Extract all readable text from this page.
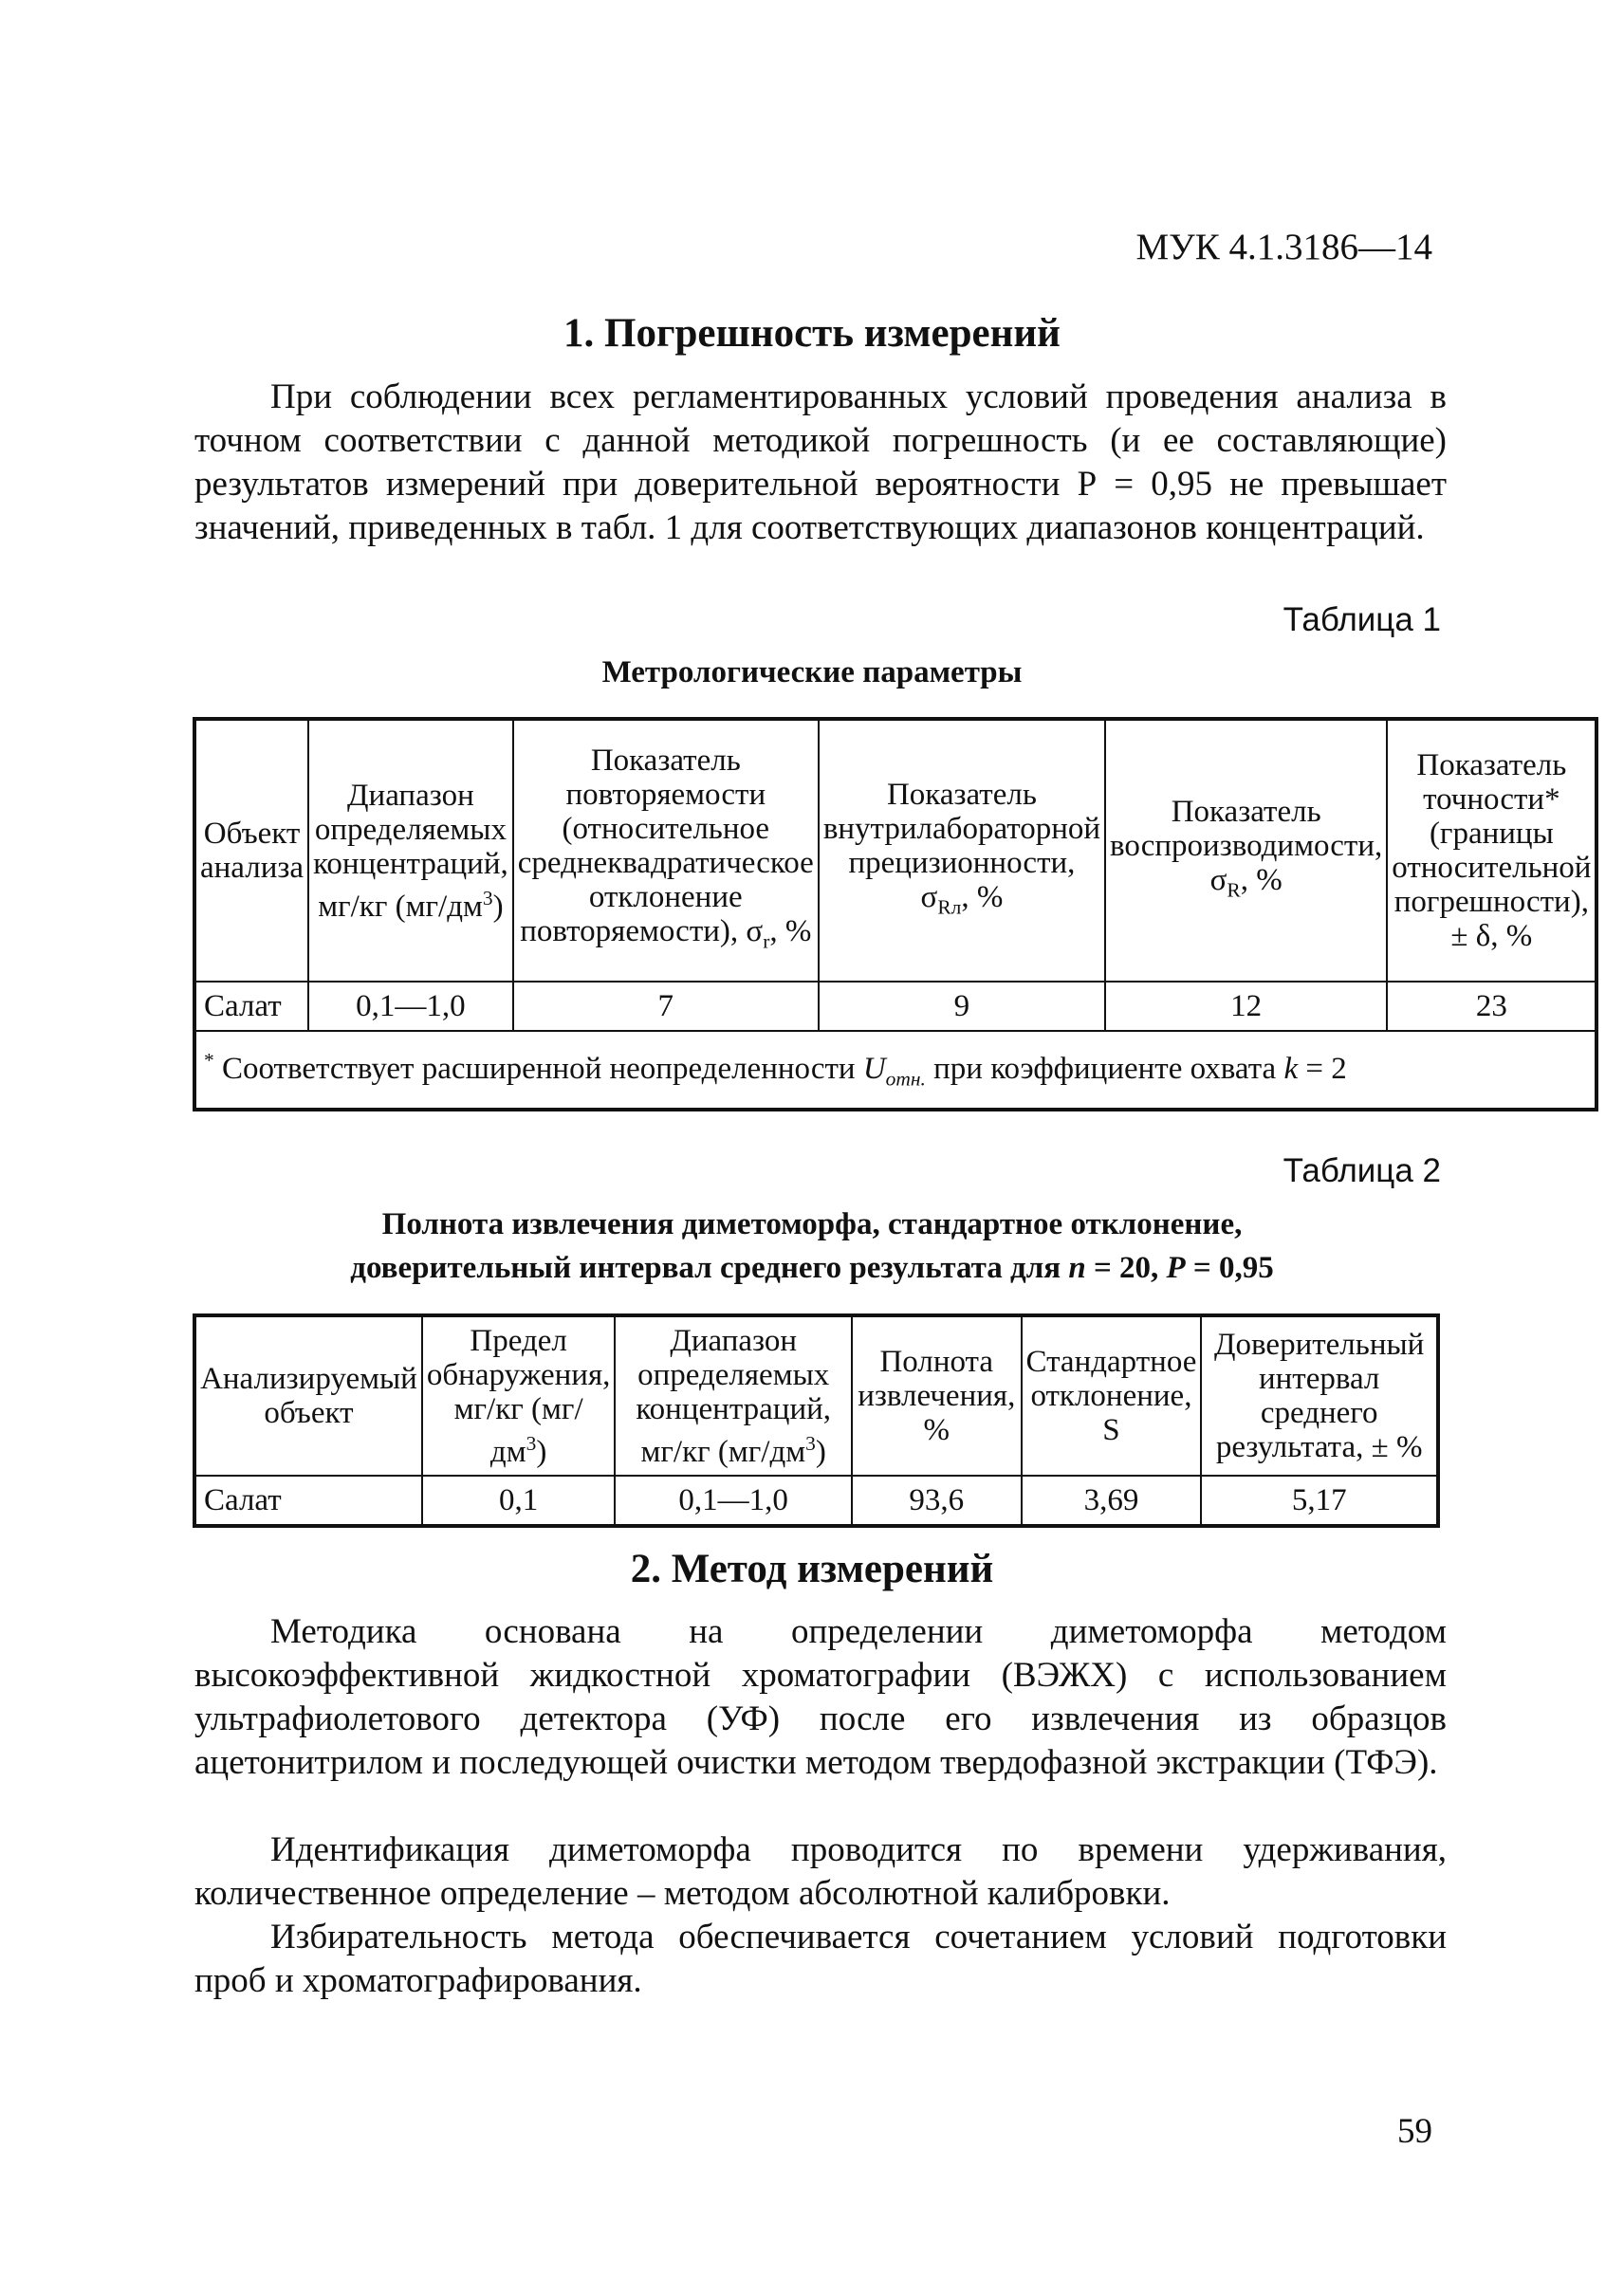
МУК 4.1.3186—14
1. Погрешность измерений

При соблюдении всех регламентированных условий проведения анализа в точном соответствии с данной методикой погрешность (и ее составляющие) результатов измерений при доверительной вероятности Р = 0,95 не превышает значений, приведенных в табл. 1 для соответствующих диапазонов концентраций.

Таблица 1
Метрологические параметры
Объект анализа	Диапазон определяемых концентраций, мг/кг $(мг/дм^3)$	Показатель повторяемости (относительное среднеквадратическое отклонение повторяемости), $\sigma_r$, %	Показатель внутрилабораторной прецизионности, $\sigma_{Rл}$, %	Показатель воспроизводимости, $\sigma_R$, %	Показатель точности* (границы относительной погрешности), ± δ, %
Салат	0,1—1,0	7	9	12	23
* Соответствует расширенной неопределенности $U_{отн.}$ при коэффициенте охвата k = 2					
Таблица 2
Полнота извлечения диметоморфа, стандартное отклонение,
доверительный интервал среднего результата для n = 20, Р = 0,95
Анализируемый объект	Предел обнаружения, мг/кг $(мг/дм^3)$	Диапазон определяемых концентраций, мг/кг $(мг/дм^3)$	Полнота извлечения, %	Стандартное отклонение, S	Доверительный интервал среднего результата, ± %
Салат	0,1	0,1—1,0	93,6	3,69	5,17
2. Метод измерений

Методика основана на определении диметоморфа методом высокоэффективной жидкостной хроматографии (ВЭЖХ) с использованием ультрафиолетового детектора (УФ) после его извлечения из образцов ацетонитрилом и последующей очистки методом твердофазной экстракции (ТФЭ).

Идентификация диметоморфа проводится по времени удерживания, количественное определение – методом абсолютной калибровки.

Избирательность метода обеспечивается сочетанием условий подготовки проб и хроматографирования.

59
